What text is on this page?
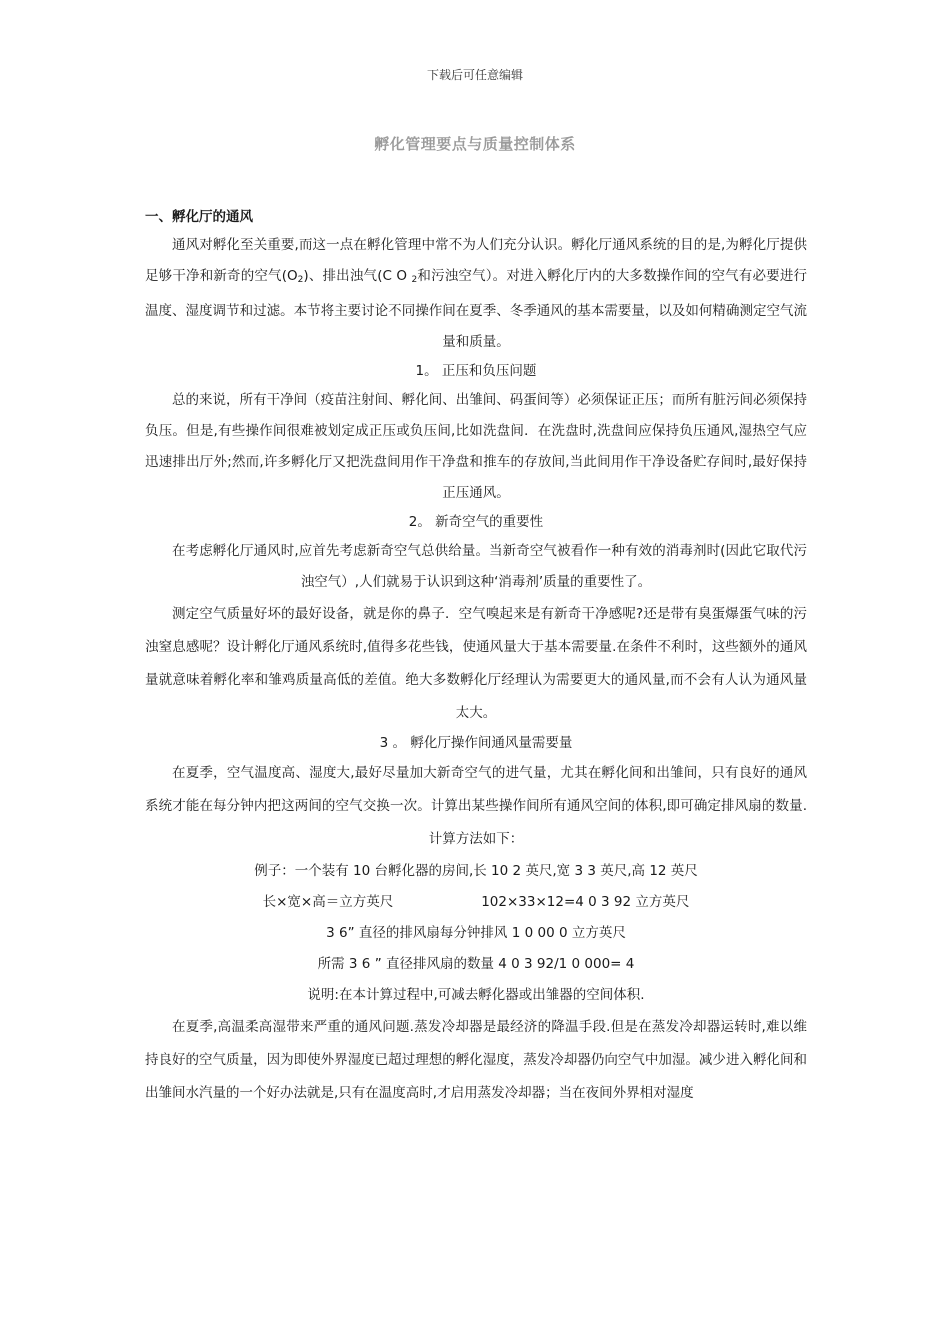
下载后可任意编辑
孵化管理要点与质量控制体系

一、孵化厅的通风

通风对孵化至关重要,而这一点在孵化管理中常不为人们充分认识。孵化厅通风系统的目的是,为孵化厅提供足够干净和新奇的空气$(O_2)$、排出浊气(C O $_2$和污浊空气）。对进入孵化厅内的大多数操作间的空气有必要进行温度、湿度调节和过滤。本节将主要讨论不同操作间在夏季、冬季通风的基本需要量，以及如何精确测定空气流量和质量。

1。 正压和负压问题

总的来说，所有干净间（疫苗注射间、孵化间、出雏间、码蛋间等）必须保证正压；而所有脏污间必须保持负压。但是,有些操作间很难被划定成正压或负压间,比如洗盘间．在洗盘时,洗盘间应保持负压通风,湿热空气应迅速排出厅外;然而,许多孵化厅又把洗盘间用作干净盘和推车的存放间,当此间用作干净设备贮存间时,最好保持正压通风。

2。 新奇空气的重要性

在考虑孵化厅通风时,应首先考虑新奇空气总供给量。当新奇空气被看作一种有效的消毒剂时(因此它取代污浊空气）,人们就易于认识到这种‘消毒剂’质量的重要性了。

测定空气质量好坏的最好设备，就是你的鼻子．空气嗅起来是有新奇干净感呢?还是带有臭蛋爆蛋气味的污浊窒息感呢？设计孵化厅通风系统时,值得多花些钱，使通风量大于基本需要量.在条件不利时，这些额外的通风量就意味着孵化率和雏鸡质量高低的差值。绝大多数孵化厅经理认为需要更大的通风量,而不会有人认为通风量太大。

3 。 孵化厅操作间通风量需要量

在夏季，空气温度高、湿度大,最好尽量加大新奇空气的进气量，尤其在孵化间和出雏间，只有良好的通风系统才能在每分钟内把这两间的空气交换一次。计算出某些操作间所有通风空间的体积,即可确定排风扇的数量.计算方法如下：

例子：一个装有 10 台孵化器的房间,长 10 2 英尺,宽 3 3 英尺,高 12 英尺

长×宽×高＝立方英尺	102×33×12=4 0 3 92 立方英尺

3 6” 直径的排风扇每分钟排风 1 0 00 0 立方英尺

所需 3 6 ” 直径排风扇的数量 4 0 3 92/1 0 000= 4

说明:在本计算过程中,可减去孵化器或出雏器的空间体积.

在夏季,高温柔高湿带来严重的通风问题.蒸发冷却器是最经济的降温手段.但是在蒸发冷却器运转时,难以维持良好的空气质量，因为即使外界湿度已超过理想的孵化湿度，蒸发冷却器仍向空气中加湿。减少进入孵化间和出雏间水汽量的一个好办法就是,只有在温度高时,才启用蒸发冷却器；当在夜间外界相对湿度
